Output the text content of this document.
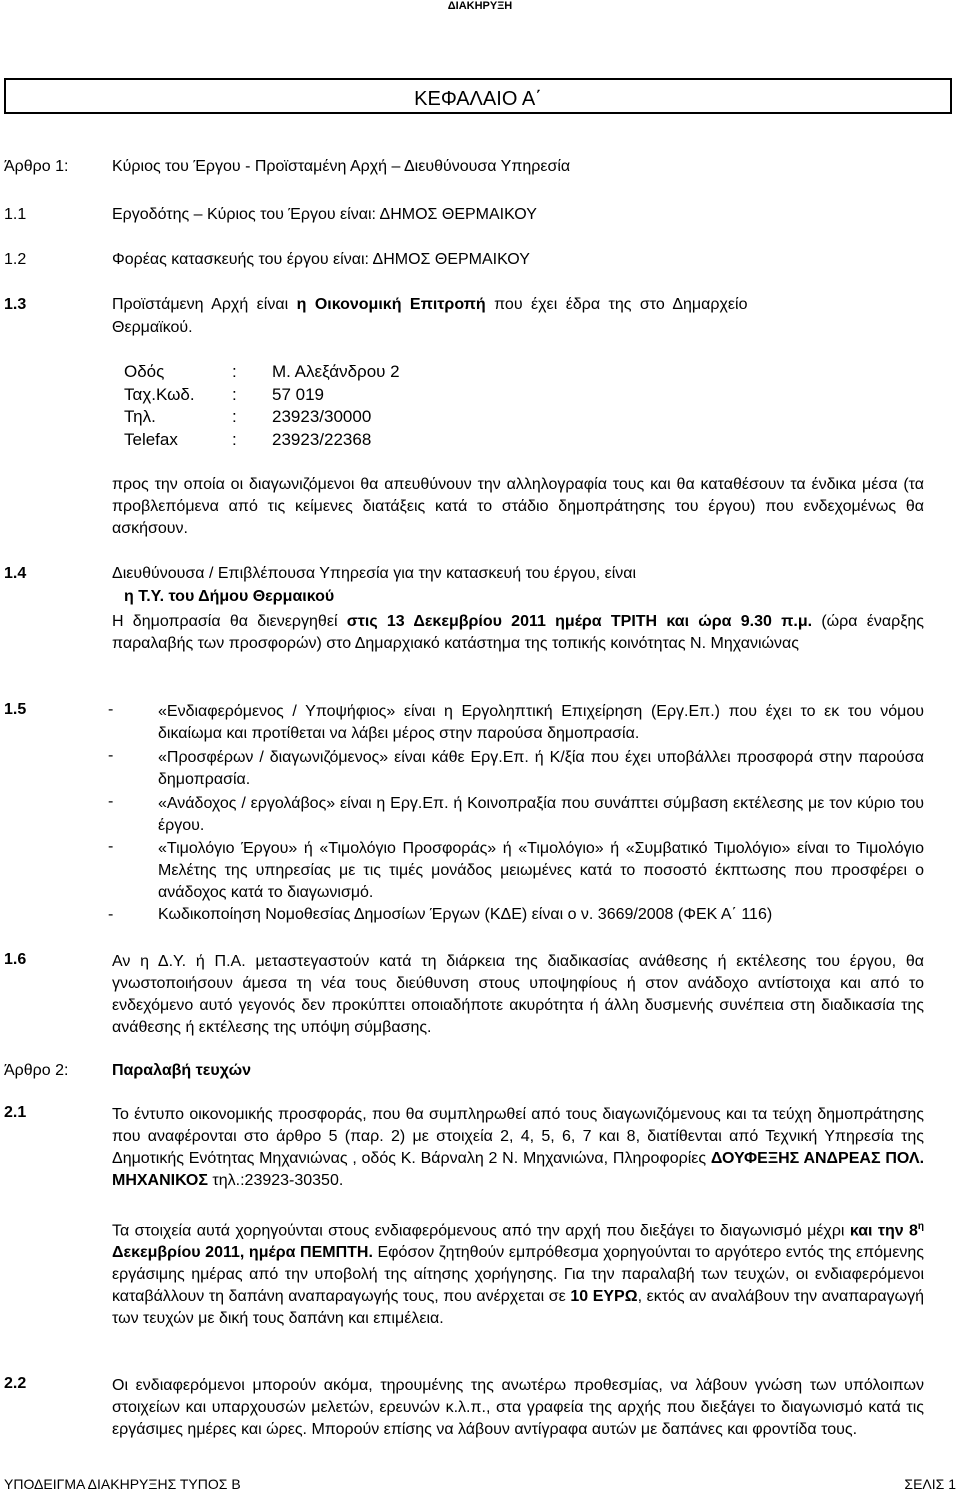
ΔΙΑΚΗΡΥΞΗ
ΚΕΦΑΛΑΙΟ Α΄
Άρθρο 1:	Κύριος του Έργου - Προϊσταμένη Αρχή – Διευθύνουσα Υπηρεσία
1.1	Εργοδότης – Κύριος του Έργου είναι: ΔΗΜΟΣ ΘΕΡΜΑΙΚΟΥ
1.2	Φορέας κατασκευής του έργου είναι: ΔΗΜΟΣ ΘΕΡΜΑΙΚΟΥ
1.3	Προϊστάμενη Αρχή είναι η Οικονομική Επιτροπή που έχει έδρα της στο Δημαρχείο
Θερμαϊκού.
Οδός	: Μ. Αλεξάνδρου 2
Ταχ.Κωδ. : 57 019
Τηλ.	: 23923/30000
Telefax	: 23923/22368
προς την οποία οι διαγωνιζόμενοι θα απευθύνουν την αλληλογραφία τους και θα καταθέσουν τα ένδικα μέσα (τα προβλεπόμενα από τις κείμενες διατάξεις κατά το στάδιο δημοπράτησης του έργου) που ενδεχομένως θα ασκήσουν.
1.4	Διευθύνουσα / Επιβλέπουσα Υπηρεσία για την κατασκευή του έργου, είναι
η Τ.Υ. του Δήμου Θερμαικού
Η δημοπρασία θα διενεργηθεί στις 13 Δεκεμβρίου 2011 ημέρα ΤΡΙΤΗ και ώρα 9.30 π.μ. (ώρα έναρξης παραλαβής των προσφορών) στο Δημαρχιακό κατάστημα της τοπικής κοινότητας Ν. Μηχανιώνας
1.5	-	«Ενδιαφερόμενος / Υποψήφιος» είναι η Εργοληπτική Επιχείρηση (Εργ.Επ.) που έχει το εκ του νόμου δικαίωμα και προτίθεται να λάβει μέρος στην παρούσα δημοπρασία.
-	«Προσφέρων / διαγωνιζόμενος» είναι κάθε Εργ.Επ. ή Κ/ξία που έχει υποβάλλει προσφορά στην παρούσα δημοπρασία.
-	«Ανάδοχος / εργολάβος» είναι η Εργ.Επ. ή Κοινοπραξία που συνάπτει σύμβαση εκτέλεσης με τον κύριο του έργου.
-	«Τιμολόγιο Έργου» ή «Τιμολόγιο Προσφοράς» ή «Τιμολόγιο» ή «Συμβατικό Τιμολόγιο» είναι το Τιμολόγιο Μελέτης της υπηρεσίας με τις τιμές μονάδος μειωμένες κατά το ποσοστό έκπτωσης που προσφέρει ο ανάδοχος κατά το διαγωνισμό.
-	Κωδικοποίηση Νομοθεσίας Δημοσίων Έργων (ΚΔΕ) είναι ο ν. 3669/2008 (ΦΕΚ Α΄ 116)
1.6	Αν η Δ.Υ. ή Π.Α. μεταστεγαστούν κατά τη διάρκεια της διαδικασίας ανάθεσης ή εκτέλεσης του έργου, θα γνωστοποιήσουν άμεσα τη νέα τους διεύθυνση στους υποψηφίους ή στον ανάδοχο αντίστοιχα και από το ενδεχόμενο αυτό γεγονός δεν προκύπτει οποιαδήποτε ακυρότητα ή άλλη δυσμενής συνέπεια στη διαδικασία της ανάθεσης ή εκτέλεσης της υπόψη σύμβασης.
Άρθρο 2:	Παραλαβή τευχών
2.1	Το έντυπο οικονομικής προσφοράς, που θα συμπληρωθεί από τους διαγωνιζόμενους και τα τεύχη δημοπράτησης που αναφέρονται στο άρθρο 5 (παρ. 2) με στοιχεία 2, 4, 5, 6, 7 και 8, διατίθενται από Τεχνική Υπηρεσία της Δημοτικής Ενότητας Μηχανιώνας , οδός Κ. Βάρναλη 2 Ν. Μηχανιώνα, Πληροφορίες ΔΟΥΦΕΞΗΣ ΑΝΔΡΕΑΣ ΠΟΛ. ΜΗΧΑΝΙΚΟΣ τηλ.:23923-30350.
Τα στοιχεία αυτά χορηγούνται στους ενδιαφερόμενους από την αρχή που διεξάγει το διαγωνισμό μέχρι και την $8^\eta$ Δεκεμβρίου 2011, ημέρα ΠΕΜΠΤΗ. Εφόσον ζητηθούν εμπρόθεσμα χορηγούνται το αργότερο εντός της επόμενης εργάσιμης ημέρας από την υποβολή της αίτησης χορήγησης. Για την παραλαβή των τευχών, οι ενδιαφερόμενοι καταβάλλουν τη δαπάνη αναπαραγωγής τους, που ανέρχεται σε 10 ΕΥΡΩ, εκτός αν αναλάβουν την αναπαραγωγή των τευχών με δική τους δαπάνη και επιμέλεια.
2.2	Οι ενδιαφερόμενοι μπορούν ακόμα, τηρουμένης της ανωτέρω προθεσμίας, να λάβουν γνώση των υπόλοιπων στοιχείων και υπαρχουσών μελετών, ερευνών κ.λ.π., στα γραφεία της αρχής που διεξάγει το διαγωνισμό κατά τις εργάσιμες ημέρες και ώρες. Μπορούν επίσης να λάβουν αντίγραφα αυτών με δαπάνες και φροντίδα τους.
ΥΠΟΔΕΙΓΜΑ ΔΙΑΚΗΡΥΞΗΣ ΤΥΠΟΣ Β	ΣΕΛΙΣ 1
